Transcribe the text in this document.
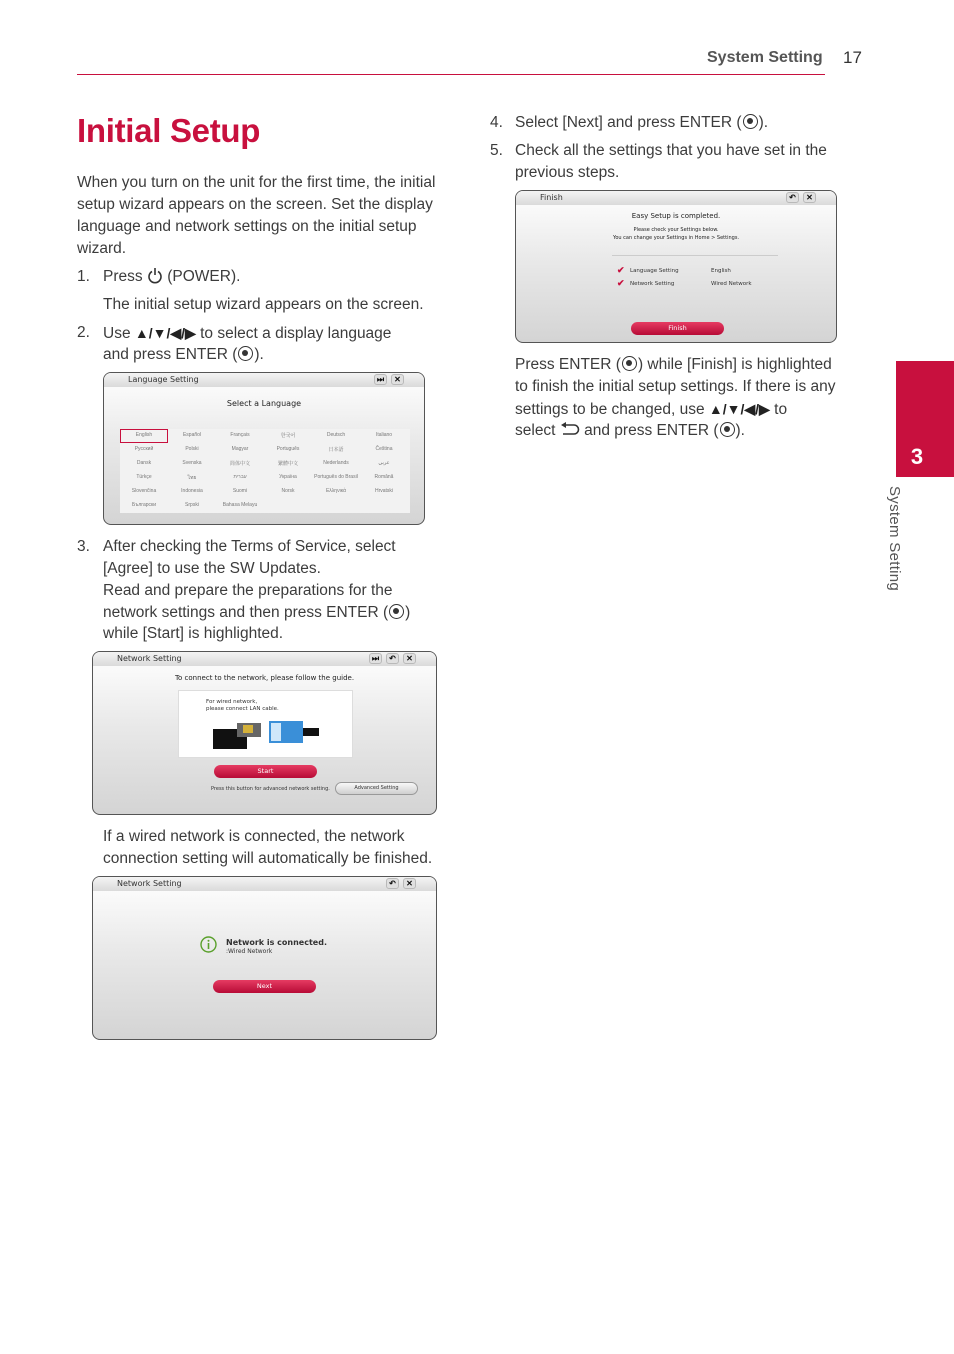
System Setting 17
Initial Setup
When you turn on the unit for the first time, the initial setup wizard appears on the screen. Set the display language and network settings on the initial setup wizard.
1. Press (POWER).
The initial setup wizard appears on the screen.
2. Use ▲/▼/◀/▶ to select a display language
and press ENTER ( ).
Language Setting	⏭	✕
Select a Language
English	Español	Français	한국어	Deutsch	Italiano
Русский	Polski	Magyar	Português	日本語	Čeština
Dansk	Svenska	简体中文	繁體中文	Nederlands	عربي
Türkçe	ไทย	עברית	Україна	Português do Brasil	Română
Slovenčina	Indonesia	Suomi	Norsk	Ελληνικά	Hrvatski
Български	Srpski	Bahasa Melayu
3. After checking the Terms of Service, select
[Agree] to use the SW Updates.
Read and prepare the preparations for the
network settings and then press ENTER ( )
while [Start] is highlighted.
Network Setting	⏭	↶	✕
To connect to the network, please follow the guide.
For wired network,
please connect LAN cable.
Start
Press this button for advanced network setting.	Advanced Setting
If a wired network is connected, the network
connection setting will automatically be finished.
Network Setting	↶	✕
Network is connected.
:Wired Network
Next
4. Select [Next] and press ENTER ( ).
5. Check all the settings that you have set in the
previous steps.
Finish	↶	✕
Easy Setup is completed.
Please check your Settings below.
You can change your Settings in Home > Settings.
✔ Language Setting	English
✔ Network Setting	Wired Network
Finish
Press ENTER ( ) while [Finish] is highlighted
to finish the initial setup settings. If there is any
settings to be changed, use ▲/▼/◀/▶ to
select and press ENTER ( ).
3
System Setting
